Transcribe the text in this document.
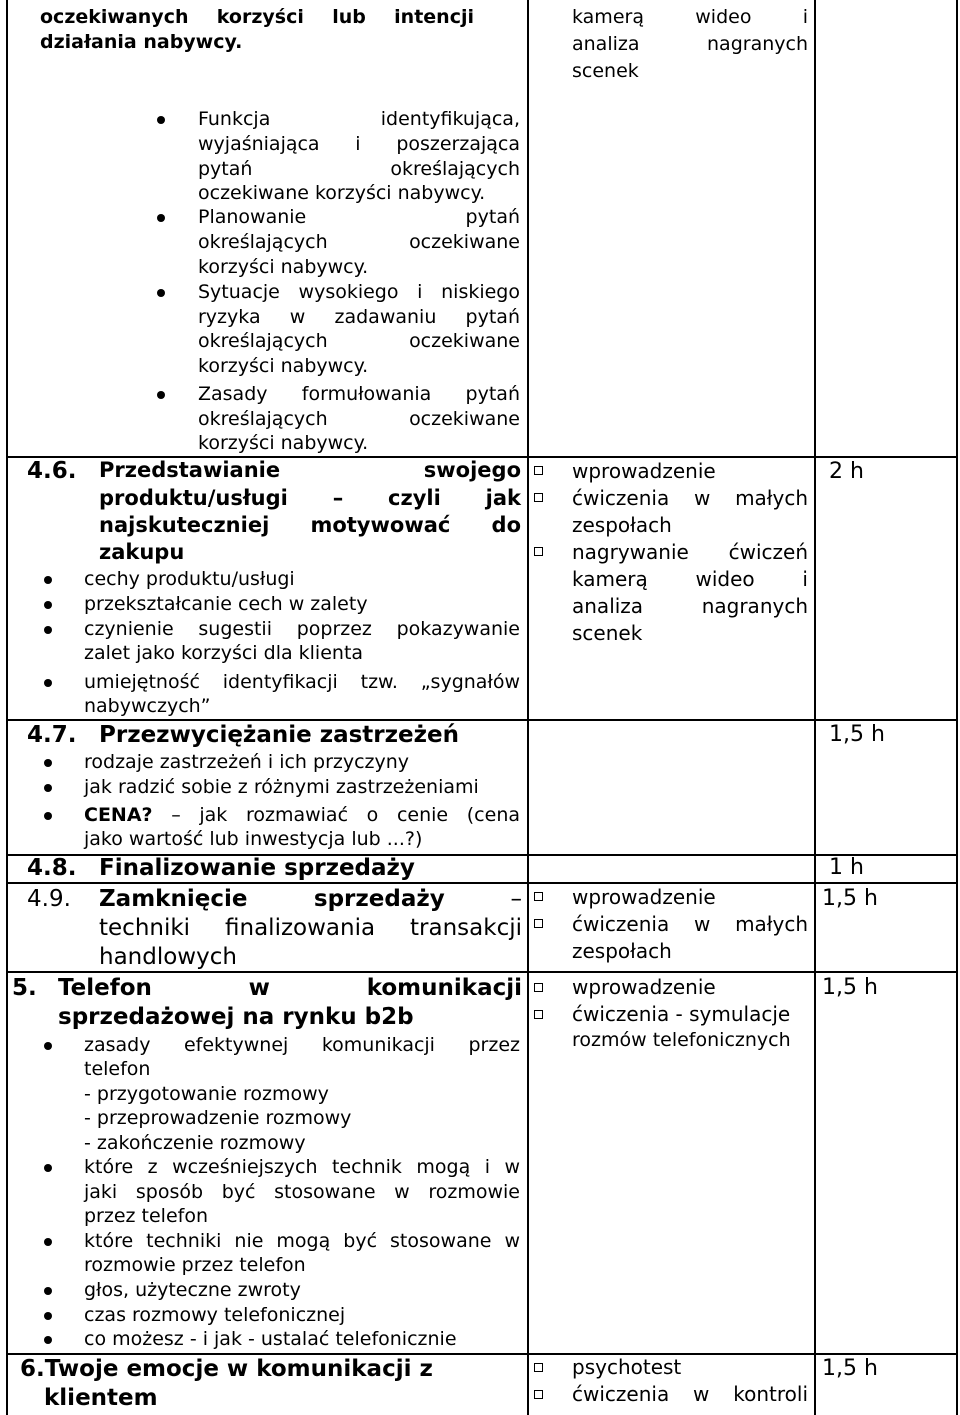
oczekiwanych korzyści lub intencji
działania nabywcy.
kamerą wideo i
analiza nagranych
scenek
Funkcja identyfikująca,
wyjaśniająca i poszerzająca
pytań określających
oczekiwane korzyści nabywcy.
Planowanie pytań
określających oczekiwane
korzyści nabywcy.
Sytuacje wysokiego i niskiego
ryzyka w zadawaniu pytań
określających oczekiwane
korzyści nabywcy.
Zasady formułowania pytań
określających oczekiwane
korzyści nabywcy.
4.6. Przedstawianie swojego
produktu/usługi – czyli jak
najskuteczniej motywować do
zakupu
cechy produktu/usługi
przekształcanie cech w zalety
czynienie sugestii poprzez pokazywanie
zalet jako korzyści dla klienta
umiejętność identyfikacji tzw. „sygnałów
nabywczych”
wprowadzenie
ćwiczenia w małych
zespołach
nagrywanie ćwiczeń
kamerą wideo i
analiza nagranych
scenek
2 h
4.7. Przezwyciężanie zastrzeżeń
rodzaje zastrzeżeń i ich przyczyny
jak radzić sobie z różnymi zastrzeżeniami
CENA? – jak rozmawiać o cenie (cena
jako wartość lub inwestycja lub ...?)
1,5 h
4.8. Finalizowanie sprzedaży	1 h
4.9. Zamknięcie sprzedaży	–
techniki finalizowania transakcji
handlowych
wprowadzenie
ćwiczenia w małych
zespołach
1,5 h
5. Telefon w komunikacji
sprzedażowej na rynku b2b
zasady efektywnej komunikacji przez
telefon
- przygotowanie rozmowy
- przeprowadzenie rozmowy
- zakończenie rozmowy
które z wcześniejszych technik mogą i w
jaki sposób być stosowane w rozmowie
przez telefon
które techniki nie mogą być stosowane w
rozmowie przez telefon
głos, użyteczne zwroty
czas rozmowy telefonicznej
co możesz - i jak - ustalać telefonicznie
wprowadzenie
ćwiczenia - symulacje
rozmów telefonicznych
1,5 h
6.Twoje emocje w komunikacji z
klientem
psychotest
ćwiczenia w kontroli
1,5 h
